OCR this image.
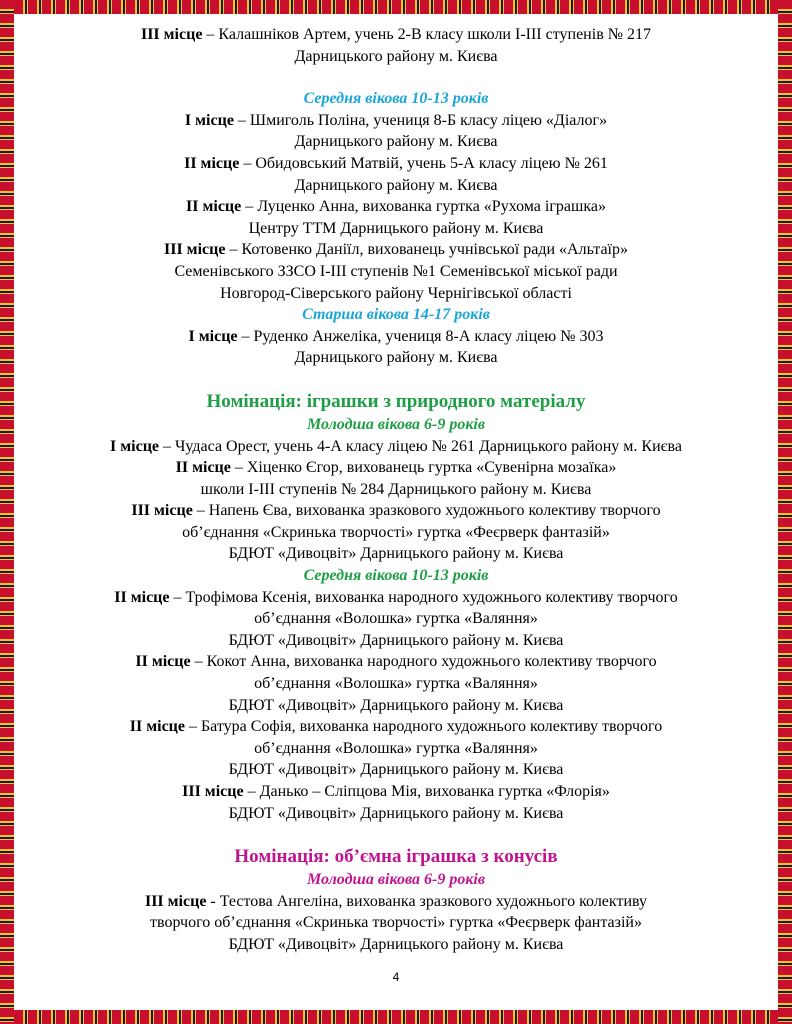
III місце – Калашніков Артем, учень 2-В класу школи І-ІІІ ступенів № 217
Дарницького району м. Києва
Середня вікова 10-13 років
І місце – Шмиголь Поліна, учениця 8-Б класу ліцею «Діалог»
Дарницького району м. Києва
ІІ місце – Обидовський Матвій, учень 5-А класу ліцею № 261
Дарницького району м. Києва
ІІ місце – Луценко Анна, вихованка гуртка «Рухома іграшка»
Центру ТТМ Дарницького району м. Києва
ІІІ місце – Котовенко Даніїл, вихованець учнівської ради «Альтаїр»
Семенівського ЗЗСО І-ІІІ ступенів №1 Семенівської міської ради
Новгород-Сіверського району Чернігівської області
Старша вікова 14-17 років
І місце – Руденко Анжеліка, учениця 8-А класу ліцею № 303
Дарницького району м. Києва
Номінація: іграшки з природного матеріалу
Молодша вікова 6-9 років
І місце – Чудаса Орест, учень 4-А класу ліцею № 261 Дарницького району м. Києва
ІІ місце – Хіценко Єгор, вихованець гуртка «Сувенірна мозаїка»
школи І-ІІІ ступенів № 284 Дарницького району м. Києва
ІІІ місце – Напень Єва, вихованка зразкового художнього колективу творчого
об’єднання «Скринька творчості» гуртка «Феєрверк фантазій»
БДЮТ «Дивоцвіт» Дарницького району м. Києва
Середня вікова 10-13 років
ІІ місце – Трофімова Ксенія, вихованка народного художнього колективу творчого
об’єднання «Волошка» гуртка «Валяння»
БДЮТ «Дивоцвіт» Дарницького району м. Києва
ІІ місце – Кокот Анна, вихованка народного художнього колективу творчого
об’єднання «Волошка» гуртка «Валяння»
БДЮТ «Дивоцвіт» Дарницького району м. Києва
ІІ місце – Батура Софія, вихованка народного художнього колективу творчого
об’єднання «Волошка» гуртка «Валяння»
БДЮТ «Дивоцвіт» Дарницького району м. Києва
ІІІ місце – Данько – Сліпцова Мія, вихованка гуртка «Флорія»
БДЮТ «Дивоцвіт» Дарницького району м. Києва
Номінація: об’ємна іграшка з конусів
Молодша вікова 6-9 років
ІІІ місце - Тестова Ангеліна, вихованка зразкового художнього колективу
творчого об’єднання «Скринька творчості» гуртка «Феєрверк фантазій»
БДЮТ «Дивоцвіт» Дарницького району м. Києва
4
